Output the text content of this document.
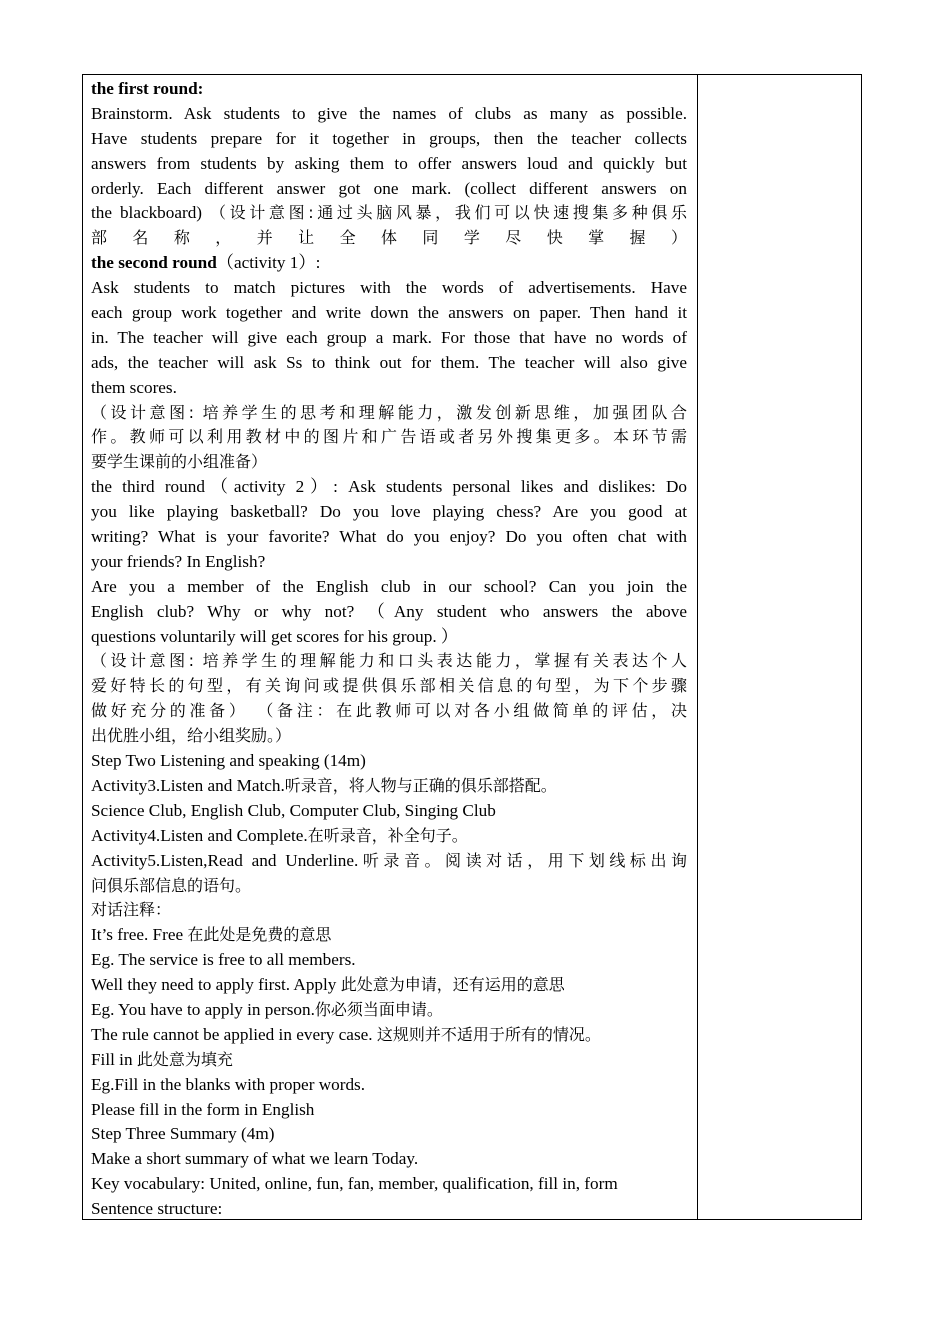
the first round:
Brainstorm. Ask students to give the names of clubs as many as possible.
Have students prepare for it together in groups, then the teacher collects
answers from students by asking them to offer answers loud and quickly but
orderly. Each different answer got one mark. (collect different answers on
the blackboard) （设计意图:通过头脑风暴，我们可以快速搜集多种俱乐
部名称，并让全体同学尽快掌握）
the second round（activity 1）:
Ask students to match pictures with the words of advertisements. Have
each group work together and write down the answers on paper. Then hand it
in. The teacher will give each group a mark. For those that have no words of
ads, the teacher will ask Ss to think out for them. The teacher will also give
them scores.
（设计意图: 培养学生的思考和理解能力，激发创新思维，加强团队合
作。教师可以利用教材中的图片和广告语或者另外搜集更多。本环节需
要学生课前的小组准备）
the third round（activity 2）: Ask students personal likes and dislikes: Do
you like playing basketball? Do you love playing chess? Are you good at
writing? What is your favorite? What do you enjoy? Do you often chat with
your friends? In English?
Are you a member of the English club in our school? Can you join the
English club? Why or why not? （Any student who answers the above
questions voluntarily will get scores for his group. ）
（设计意图: 培养学生的理解能力和口头表达能力，掌握有关表达个人
爱好特长的句型，有关询问或提供俱乐部相关信息的句型，为下个步骤
做好充分的准备） （备注：在此教师可以对各小组做简单的评估，决
出优胜小组，给小组奖励。）
Step Two Listening and speaking (14m)
Activity3.Listen and Match.听录音，将人物与正确的俱乐部搭配。
Science Club, English Club, Computer Club, Singing Club
Activity4.Listen and Complete.在听录音，补全句子。
Activity5.Listen,Read and Underline.听录音。阅读对话，用下划线标出询
问俱乐部信息的语句。
对话注释：
It’s free. Free 在此处是免费的意思
Eg. The service is free to all members.
Well they need to apply first. Apply 此处意为申请，还有运用的意思
Eg. You have to apply in person.你必须当面申请。
The rule cannot be applied in every case. 这规则并不适用于所有的情况。
Fill in 此处意为填充
Eg.Fill in the blanks with proper words.
Please fill in the form in English
Step Three Summary (4m)
Make a short summary of what we learn Today.
Key vocabulary: United, online, fun, fan, member, qualification, fill in, form
Sentence structure:
